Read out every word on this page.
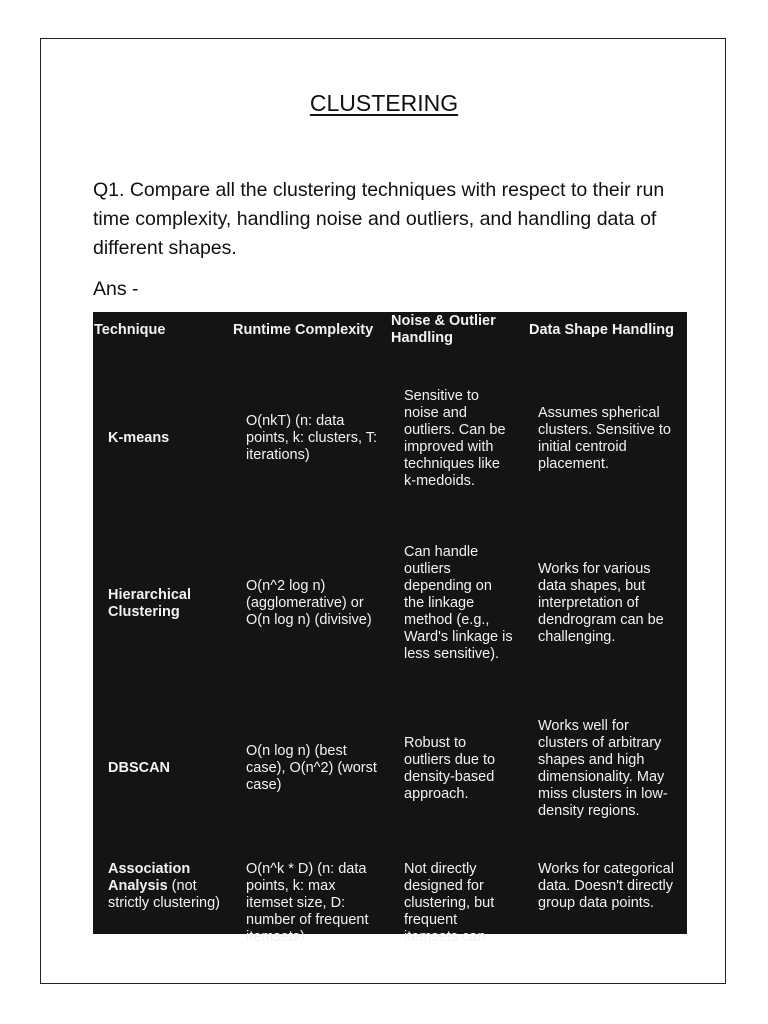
CLUSTERING

Q1. Compare all the clustering techniques with respect to their run time complexity, handling noise and outliers, and handling data of different shapes.

Ans -
Technique	Runtime Complexity	Noise & Outlier Handling	Data Shape Handling
K-means	O(nkT) (n: data points, k: clusters, T: iterations)	Sensitive to noise and outliers. Can be improved with techniques like k-medoids.	Assumes spherical clusters. Sensitive to initial centroid placement.
Hierarchical Clustering	O(n^2 log n) (agglomerative) or O(n log n) (divisive)	Can handle outliers depending on the linkage method (e.g., Ward's linkage is less sensitive).	Works for various data shapes, but interpretation of dendrogram can be challenging.
DBSCAN	O(n log n) (best case), O(n^2) (worst case)	Robust to outliers due to density-based approach.	Works well for clusters of arbitrary shapes and high dimensionality. May miss clusters in low-density regions.
Association Analysis (not strictly clustering)	O(n^k * D) (n: data points, k: max itemset size, D: number of frequent itemsets)	Not directly designed for clustering, but frequent itemsets can	Works for categorical data. Doesn't directly group data points.
